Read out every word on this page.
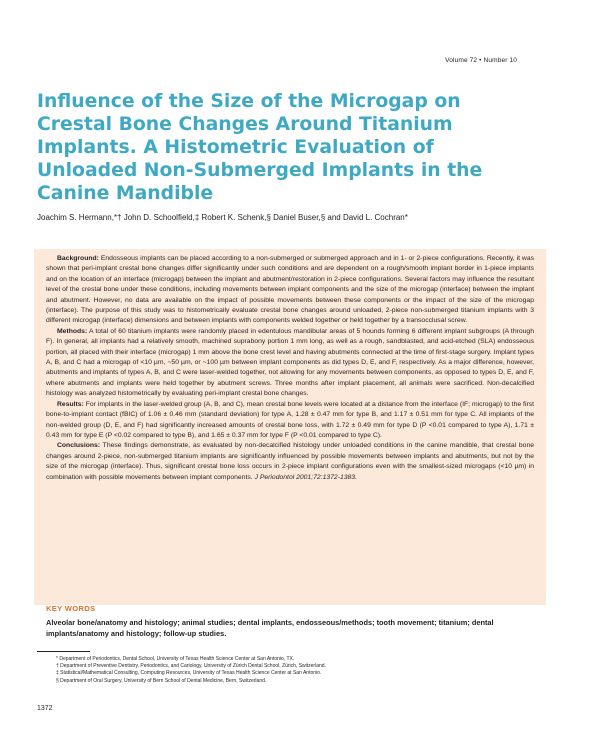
Volume 72 • Number 10
Influence of the Size of the Microgap on Crestal Bone Changes Around Titanium Implants. A Histometric Evaluation of Unloaded Non-Submerged Implants in the Canine Mandible
Joachim S. Hermann,*† John D. Schoolfield,‡ Robert K. Schenk,§ Daniel Buser,§ and David L. Cochran*

Background: Endosseous implants can be placed according to a non-submerged or submerged approach and in 1- or 2-piece configurations. Recently, it was shown that peri-implant crestal bone changes differ significantly under such conditions and are dependent on a rough/smooth implant border in 1-piece implants and on the location of an interface (microgap) between the implant and abutment/restoration in 2-piece configurations. Several factors may influence the resultant level of the crestal bone under these conditions, including movements between implant components and the size of the microgap (interface) between the implant and abutment. However, no data are available on the impact of possible movements between these components or the impact of the size of the microgap (interface). The purpose of this study was to histometrically evaluate crestal bone changes around unloaded, 2-piece non-submerged titanium implants with 3 different microgap (interface) dimensions and between implants with components welded together or held together by a transocclusal screw.

Methods: A total of 60 titanium implants were randomly placed in edentulous mandibular areas of 5 hounds forming 6 different implant subgroups (A through F). In general, all implants had a relatively smooth, machined suprabony portion 1 mm long, as well as a rough, sandblasted, and acid-etched (SLA) endosseous portion, all placed with their interface (microgap) 1 mm above the bone crest level and having abutments connected at the time of first-stage surgery. Implant types A, B, and C had a microgap of <10 µm, ~50 µm, or ~100 µm between implant components as did types D, E, and F, respectively. As a major difference, however, abutments and implants of types A, B, and C were laser-welded together, not allowing for any movements between components, as opposed to types D, E, and F, where abutments and implants were held together by abutment screws. Three months after implant placement, all animals were sacrificed. Non-decalcified histology was analyzed histometrically by evaluating peri-implant crestal bone changes.

Results: For implants in the laser-welded group (A, B, and C), mean crestal bone levels were located at a distance from the interface (IF; microgap) to the first bone-to-implant contact (fBIC) of 1.06 ± 0.46 mm (standard deviation) for type A, 1.28 ± 0.47 mm for type B, and 1.17 ± 0.51 mm for type C. All implants of the non-welded group (D, E, and F) had significantly increased amounts of crestal bone loss, with 1.72 ± 0.49 mm for type D (P <0.01 compared to type A), 1.71 ± 0.43 mm for type E (P <0.02 compared to type B), and 1.65 ± 0.37 mm for type F (P <0.01 compared to type C).

Conclusions: These findings demonstrate, as evaluated by non-decalcified histology under unloaded conditions in the canine mandible, that crestal bone changes around 2-piece, non-submerged titanium implants are significantly influenced by possible movements between implants and abutments, but not by the size of the microgap (interface). Thus, significant crestal bone loss occurs in 2-piece implant configurations even with the smallest-sized microgaps (<10 µm) in combination with possible movements between implant components. J Periodontol 2001;72:1372-1383.

KEY WORDS
Alveolar bone/anatomy and histology; animal studies; dental implants, endosseous/methods; tooth movement; titanium; dental implants/anatomy and histology; follow-up studies.
* Department of Periodontics, Dental School, University of Texas Health Science Center at San Antonio, TX.
† Department of Preventive Dentistry, Periodontics, and Cariology, University of Zürich Dental School, Zürich, Switzerland.
‡ Statistical/Mathematical Consulting, Computing Resources, University of Texas Health Science Center at San Antonio.
§ Department of Oral Surgery, University of Bern School of Dental Medicine, Bern, Switzerland.
1372
